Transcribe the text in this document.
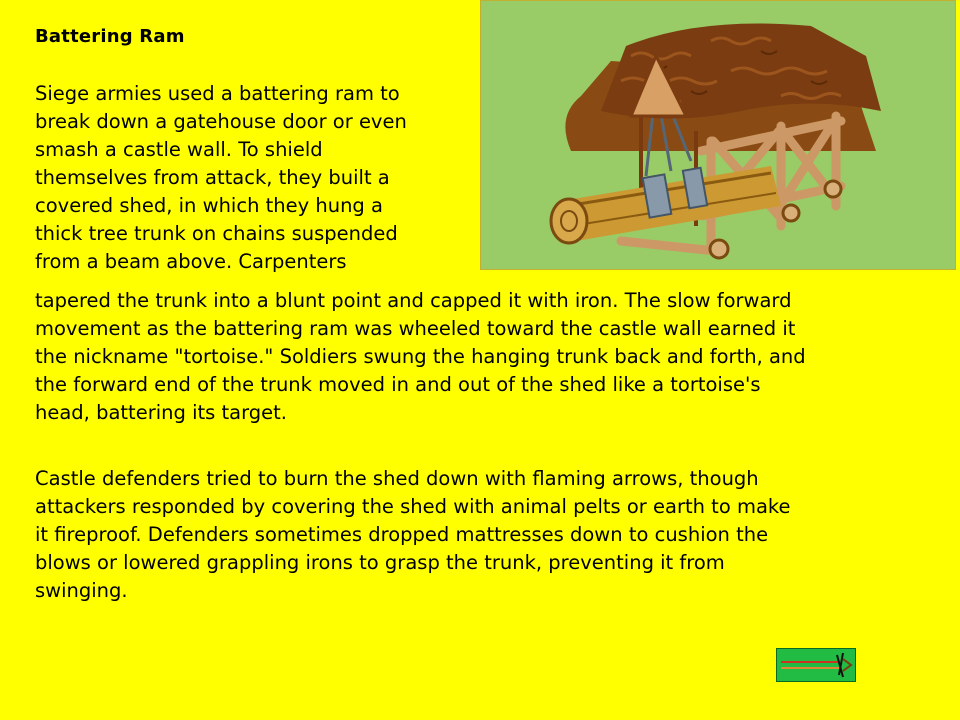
Battering Ram

Siege armies used a battering ram to
break down a gatehouse door or even
smash a castle wall. To shield
themselves from attack, they built a
covered shed, in which they hung a
thick tree trunk on chains suspended
from a beam above. Carpenters

tapered the trunk into a blunt point and capped it with iron. The slow forward
movement as the battering ram was wheeled toward the castle wall earned it
the nickname "tortoise." Soldiers swung the hanging trunk back and forth, and
the forward end of the trunk moved in and out of the shed like a tortoise's
head, battering its target.

Castle defenders tried to burn the shed down with flaming arrows, though
attackers responded by covering the shed with animal pelts or earth to make
it fireproof. Defenders sometimes dropped mattresses down to cushion the
blows or lowered grappling irons to grasp the trunk, preventing it from
swinging.
